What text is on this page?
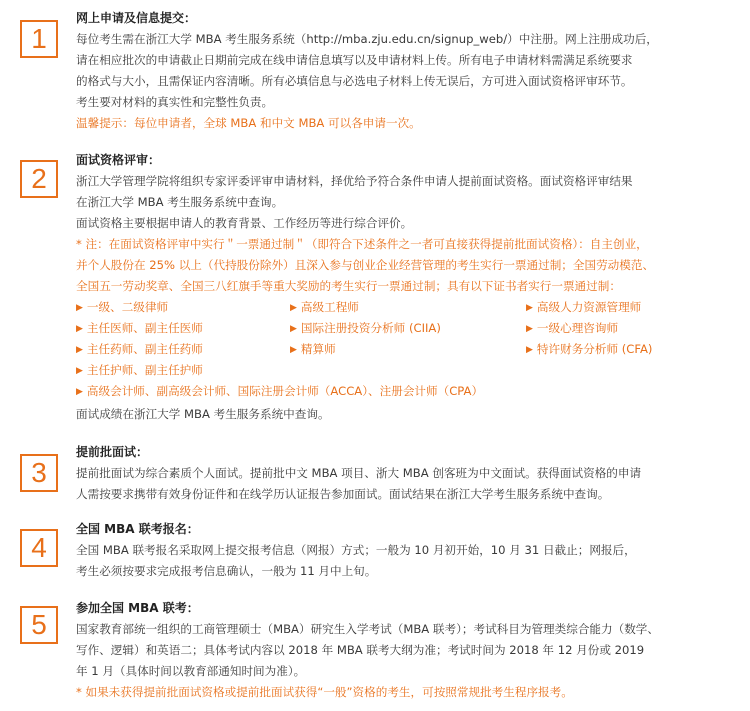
1
网上申请及信息提交：

每位考生需在浙江大学 MBA 考生服务系统（http://mba.zju.edu.cn/signup_web/）中注册。网上注册成功后，

请在相应批次的申请截止日期前完成在线申请信息填写以及申请材料上传。所有电子申请材料需满足系统要求

的格式与大小，且需保证内容清晰。所有必填信息与必选电子材料上传无误后，方可进入面试资格评审环节。

考生要对材料的真实性和完整性负责。

温馨提示：每位申请者，全球 MBA 和中文 MBA 可以各申请一次。

2
面试资格评审：

浙江大学管理学院将组织专家评委评审申请材料，择优给予符合条件申请人提前面试资格。面试资格评审结果

在浙江大学 MBA 考生服务系统中查询。

面试资格主要根据申请人的教育背景、工作经历等进行综合评价。

* 注：在面试资格评审中实行＂一票通过制＂（即符合下述条件之一者可直接获得提前批面试资格）：自主创业，

并个人股份在 25% 以上（代持股份除外）且深入参与创业企业经营管理的考生实行一票通过制；全国劳动模范、

全国五一劳动奖章、全国三八红旗手等重大奖励的考生实行一票通过制；具有以下证书者实行一票通过制：

▶ 一级、二级律师	▶ 高级工程师	▶ 高级人力资源管理师
▶ 主任医师、副主任医师	▶ 国际注册投资分析师 (CIIA)	▶ 一级心理咨询师
▶ 主任药师、副主任药师	▶ 精算师	▶ 特许财务分析师 (CFA)
▶ 主任护师、副主任护师
▶ 高级会计师、副高级会计师、国际注册会计师（ACCA）、注册会计师（CPA）

面试成绩在浙江大学 MBA 考生服务系统中查询。

3
提前批面试：

提前批面试为综合素质个人面试。提前批中文 MBA 项目、浙大 MBA 创客班为中文面试。获得面试资格的申请

人需按要求携带有效身份证件和在线学历认证报告参加面试。面试结果在浙江大学考生服务系统中查询。

4
全国 MBA 联考报名：

全国 MBA 联考报名采取网上提交报考信息（网报）方式；一般为 10 月初开始，10 月 31 日截止；网报后，

考生必须按要求完成报考信息确认，一般为 11 月中上旬。

5
参加全国 MBA 联考：

国家教育部统一组织的工商管理硕士（MBA）研究生入学考试（MBA 联考）；考试科目为管理类综合能力（数学、

写作、逻辑）和英语二；具体考试内容以 2018 年 MBA 联考大纲为准；考试时间为 2018 年 12 月份或 2019

年 1 月（具体时间以教育部通知时间为准）。

* 如果未获得提前批面试资格或提前批面试获得“一般”资格的考生，可按照常规批考生程序报考。
